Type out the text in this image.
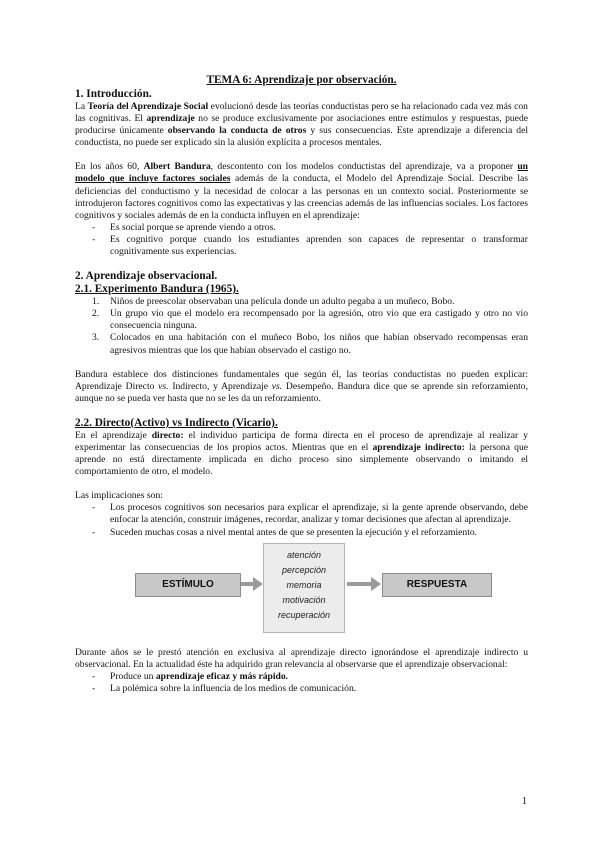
TEMA 6: Aprendizaje por observación.
1. Introducción.

La Teoría del Aprendizaje Social evolucionó desde las teorías conductistas pero se ha relacionado cada vez más con las cognitivas. El aprendizaje no se produce exclusivamente por asociaciones entre estímulos y respuestas, puede producirse únicamente observando la conducta de otros y sus consecuencias. Este aprendizaje a diferencia del conductista, no puede ser explicado sin la alusión explícita a procesos mentales.

En los años 60, Albert Bandura, descontento con los modelos conductistas del aprendizaje, va a proponer un modelo que incluye factores sociales además de la conducta, el Modelo del Aprendizaje Social. Describe las deficiencias del conductismo y la necesidad de colocar a las personas en un contexto social. Posteriormente se introdujeron factores cognitivos como las expectativas y las creencias además de las influencias sociales. Los factores cognitivos y sociales además de en la conducta influyen en el aprendizaje:

- Es social porque se aprende viendo a otros.
- Es cognitivo porque cuando los estudiantes aprenden son capaces de representar o transformar cognitivamente sus experiencias.
2. Aprendizaje observacional.
2.1. Experimento Bandura (1965).
1. Niños de preescolar observaban una película donde un adulto pegaba a un muñeco, Bobo.
2. Un grupo vio que el modelo era recompensado por la agresión, otro vio que era castigado y otro no vio consecuencia ninguna.
3. Colocados en una habitación con el muñeco Bobo, los niños que habían observado recompensas eran agresivos mientras que los que habían observado el castigo no.

Bandura establece dos distinciones fundamentales que según él, las teorías conductistas no pueden explicar: Aprendizaje Directo vs. Indirecto, y Aprendizaje vs. Desempeño. Bandura dice que se aprende sin reforzamiento, aunque no se pueda ver hasta que no se les da un reforzamiento.

2.2. Directo(Activo) vs Indirecto (Vicario).

En el aprendizaje directo: el individuo participa de forma directa en el proceso de aprendizaje al realizar y experimentar las consecuencias de los propios actos. Mientras que en el aprendizaje indirecto: la persona que aprende no está directamente implicada en dicho proceso sino simplemente observando o imitando el comportamiento de otro, el modelo.

Las implicaciones son:

- Los procesos cognitivos son necesarios para explicar el aprendizaje, si la gente aprende observando, debe enfocar la atención, construir imágenes, recordar, analizar y tomar decisiones que afectan al aprendizaje.
- Suceden muchas cosas a nivel mental antes de que se presenten la ejecución y el reforzamiento.
ESTÍMULO
atención
percepción
memoria
motivación
recuperación
RESPUESTA

Durante años se le prestó atención en exclusiva al aprendizaje directo ignorándose el aprendizaje indirecto u observacional. En la actualidad éste ha adquirido gran relevancia al observarse que el aprendizaje observacional:

- Produce un aprendizaje eficaz y más rápido.
- La polémica sobre la influencia de los medios de comunicación.
1
